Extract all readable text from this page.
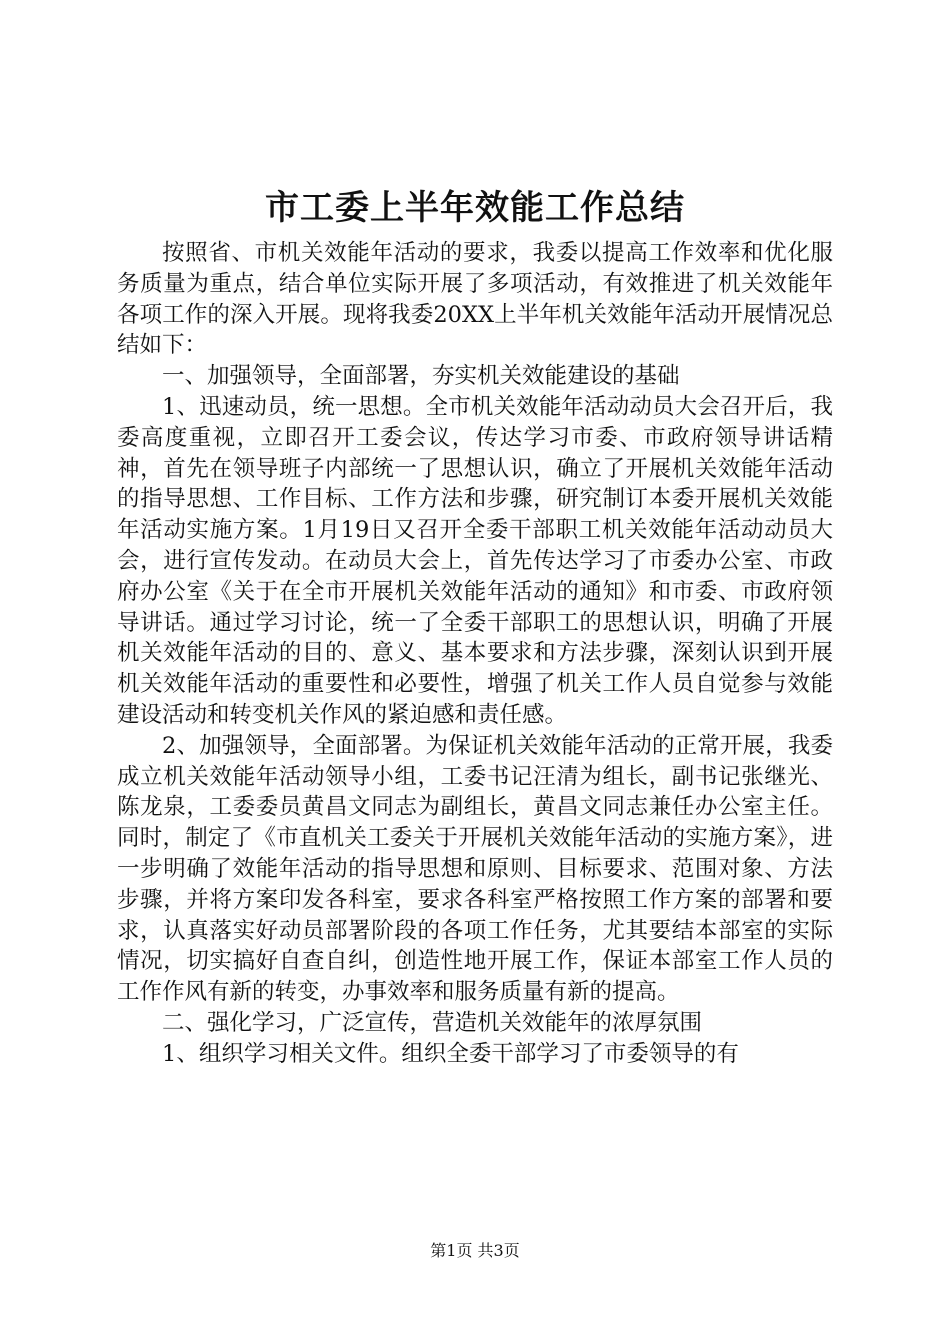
市工委上半年效能工作总结

按照省、市机关效能年活动的要求，我委以提高工作效率和优化服务质量为重点，结合单位实际开展了多项活动，有效推进了机关效能年各项工作的深入开展。现将我委20XX上半年机关效能年活动开展情况总结如下：

一、加强领导，全面部署，夯实机关效能建设的基础

1、迅速动员，统一思想。全市机关效能年活动动员大会召开后，我委高度重视，立即召开工委会议，传达学习市委、市政府领导讲话精神，首先在领导班子内部统一了思想认识，确立了开展机关效能年活动的指导思想、工作目标、工作方法和步骤，研究制订本委开展机关效能年活动实施方案。1月19日又召开全委干部职工机关效能年活动动员大会，进行宣传发动。在动员大会上，首先传达学习了市委办公室、市政府办公室《关于在全市开展机关效能年活动的通知》和市委、市政府领导讲话。通过学习讨论，统一了全委干部职工的思想认识，明确了开展机关效能年活动的目的、意义、基本要求和方法步骤，深刻认识到开展机关效能年活动的重要性和必要性，增强了机关工作人员自觉参与效能建设活动和转变机关作风的紧迫感和责任感。

2、加强领导，全面部署。为保证机关效能年活动的正常开展，我委成立机关效能年活动领导小组，工委书记汪清为组长，副书记张继光、陈龙泉，工委委员黄昌文同志为副组长，黄昌文同志兼任办公室主任。同时，制定了《市直机关工委关于开展机关效能年活动的实施方案》，进一步明确了效能年活动的指导思想和原则、目标要求、范围对象、方法步骤，并将方案印发各科室，要求各科室严格按照工作方案的部署和要求，认真落实好动员部署阶段的各项工作任务，尤其要结本部室的实际情况，切实搞好自查自纠，创造性地开展工作，保证本部室工作人员的工作作风有新的转变，办事效率和服务质量有新的提高。

二、强化学习，广泛宣传，营造机关效能年的浓厚氛围

1、组织学习相关文件。组织全委干部学习了市委领导的有

第1页 共3页
